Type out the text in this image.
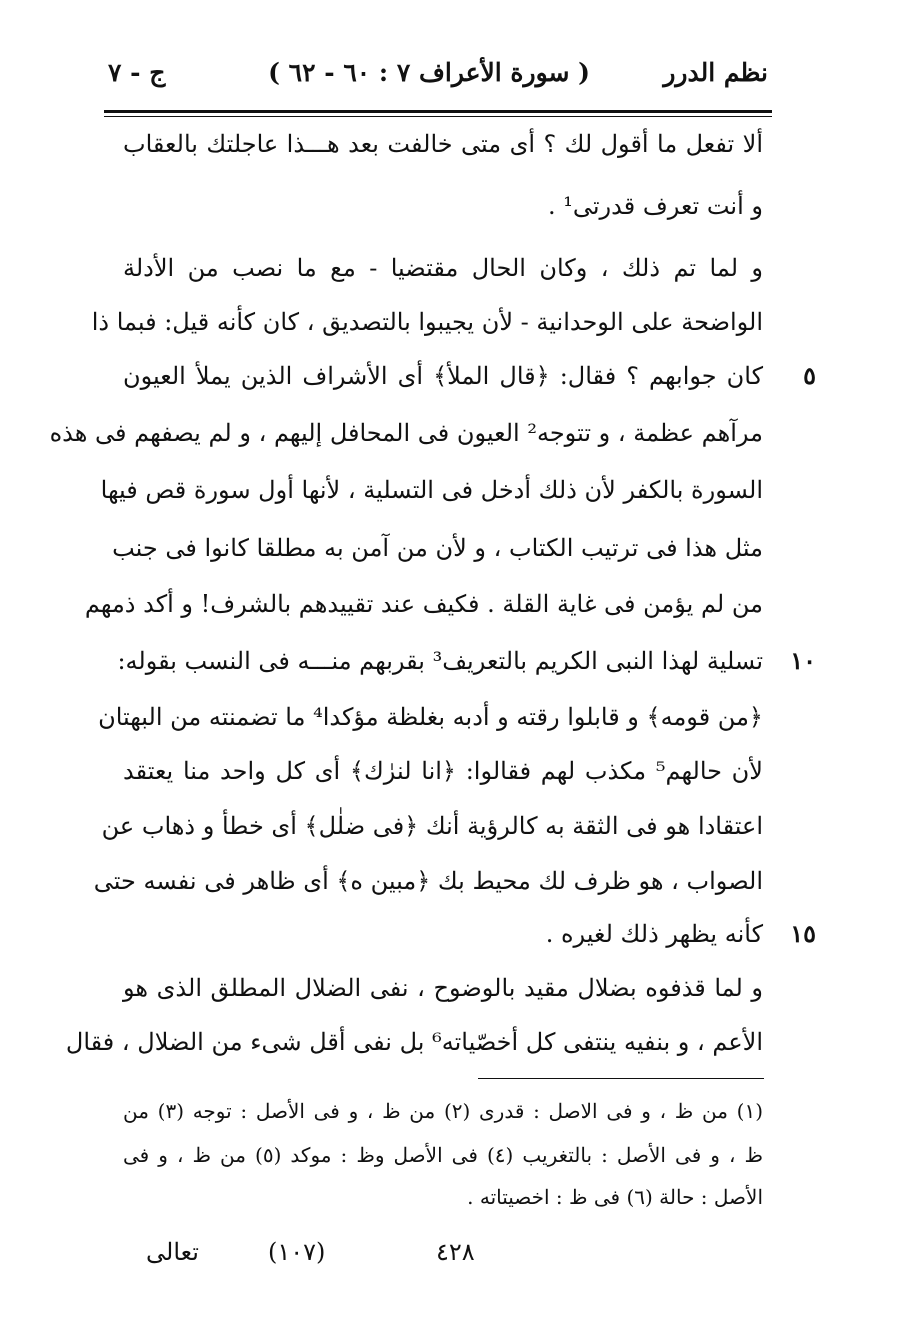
نظم الدرر
( سورة الأعراف ٧ : ٦٠ - ٦٢ )
ج - ٧
ألا تفعل ما أقول لك ؟ أى متى خالفت بعد هـــذا عاجلتك بالعقاب
و أنت تعرف قدرتى¹ .
و لما تم ذلك ، وكان الحال مقتضيا - مع ما نصب من الأدلة
الواضحة على الوحدانية - لأن يجيبوا بالتصديق ، كان كأنه قيل: فبما ذا
كان جوابهم ؟ فقال: ﴿قال الملأ﴾ أى الأشراف الذين يملأ العيون
مرآهم عظمة ، و تتوجه² العيون فى المحافل إليهم ، و لم يصفهم فى هذه
السورة بالكفر لأن ذلك أدخل فى التسلية ، لأنها أول سورة قص فيها
مثل هذا فى ترتيب الكتاب ، و لأن من آمن به مطلقا كانوا فى جنب
من لم يؤمن فى غاية القلة . فكيف عند تقييدهم بالشرف! و أكد ذمهم
تسلية لهذا النبى الكريم بالتعريف³ بقربهم منـــه فى النسب بقوله:
﴿من قومه﴾ و قابلوا رقته و أدبه بغلظة مؤكدا⁴ ما تضمنته من البهتان
لأن حالهم⁵ مكذب لهم فقالوا: ﴿انا لنرٰك﴾ أى كل واحد منا يعتقد
اعتقادا هو فى الثقة به كالرؤية أنك ﴿فى ضلٰل﴾ أى خطأ و ذهاب عن
الصواب ، هو ظرف لك محيط بك ﴿مبين ه﴾ أى ظاهر فى نفسه حتى
كأنه يظهر ذلك لغيره .
و لما قذفوه بضلال مقيد بالوضوح ، نفى الضلال المطلق الذى هو
الأعم ، و بنفيه ينتفى كل أخصّياته⁶ بل نفى أقل شىء من الضلال ، فقال
٥
١٠
١٥
(١) من ظ ، و فى الاصل : قدرى (٢) من ظ ، و فى الأصل : توجه (٣) من
ظ ، و فى الأصل : بالتغريب (٤) فى الأصل وظ : موكد (٥) من ظ ، و فى
الأصل : حالة (٦) فى ظ : اخصيتاته .
تعالى	(١٠٧)	٤٢٨
